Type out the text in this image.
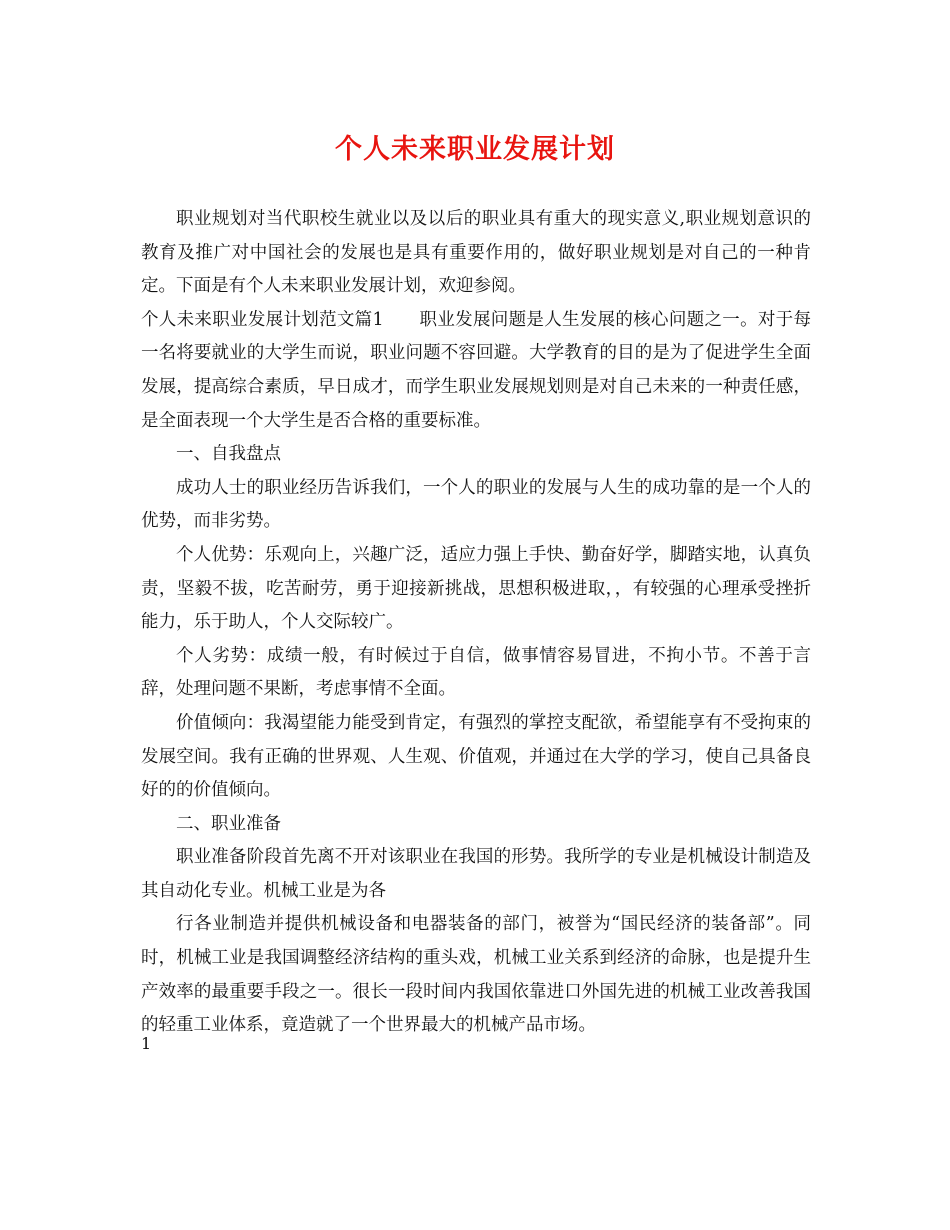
个人未来职业发展计划

职业规划对当代职校生就业以及以后的职业具有重大的现实意义,职业规划意识的教育及推广对中国社会的发展也是具有重要作用的，做好职业规划是对自己的一种肯定。下面是有个人未来职业发展计划，欢迎参阅。

个人未来职业发展计划范文篇1　　职业发展问题是人生发展的核心问题之一。对于每一名将要就业的大学生而说，职业问题不容回避。大学教育的目的是为了促进学生全面发展，提高综合素质，早日成才，而学生职业发展规划则是对自己未来的一种责任感，是全面表现一个大学生是否合格的重要标准。

一、自我盘点

成功人士的职业经历告诉我们，一个人的职业的发展与人生的成功靠的是一个人的优势，而非劣势。

个人优势：乐观向上，兴趣广泛，适应力强上手快、勤奋好学，脚踏实地，认真负责，坚毅不拔，吃苦耐劳，勇于迎接新挑战，思想积极进取，，有较强的心理承受挫折能力，乐于助人，个人交际较广。

个人劣势：成绩一般，有时候过于自信，做事情容易冒进，不拘小节。不善于言辞，处理问题不果断，考虑事情不全面。

价值倾向：我渴望能力能受到肯定，有强烈的掌控支配欲，希望能享有不受拘束的发展空间。我有正确的世界观、人生观、价值观，并通过在大学的学习，使自己具备良好的的价值倾向。

二、职业准备

职业准备阶段首先离不开对该职业在我国的形势。我所学的专业是机械设计制造及其自动化专业。机械工业是为各

行各业制造并提供机械设备和电器装备的部门，被誉为“国民经济的装备部”。同时，机械工业是我国调整经济结构的重头戏，机械工业关系到经济的命脉，也是提升生产效率的最重要手段之一。很长一段时间内我国依靠进口外国先进的机械工业改善我国的轻重工业体系，竟造就了一个世界最大的机械产品市场。

1
